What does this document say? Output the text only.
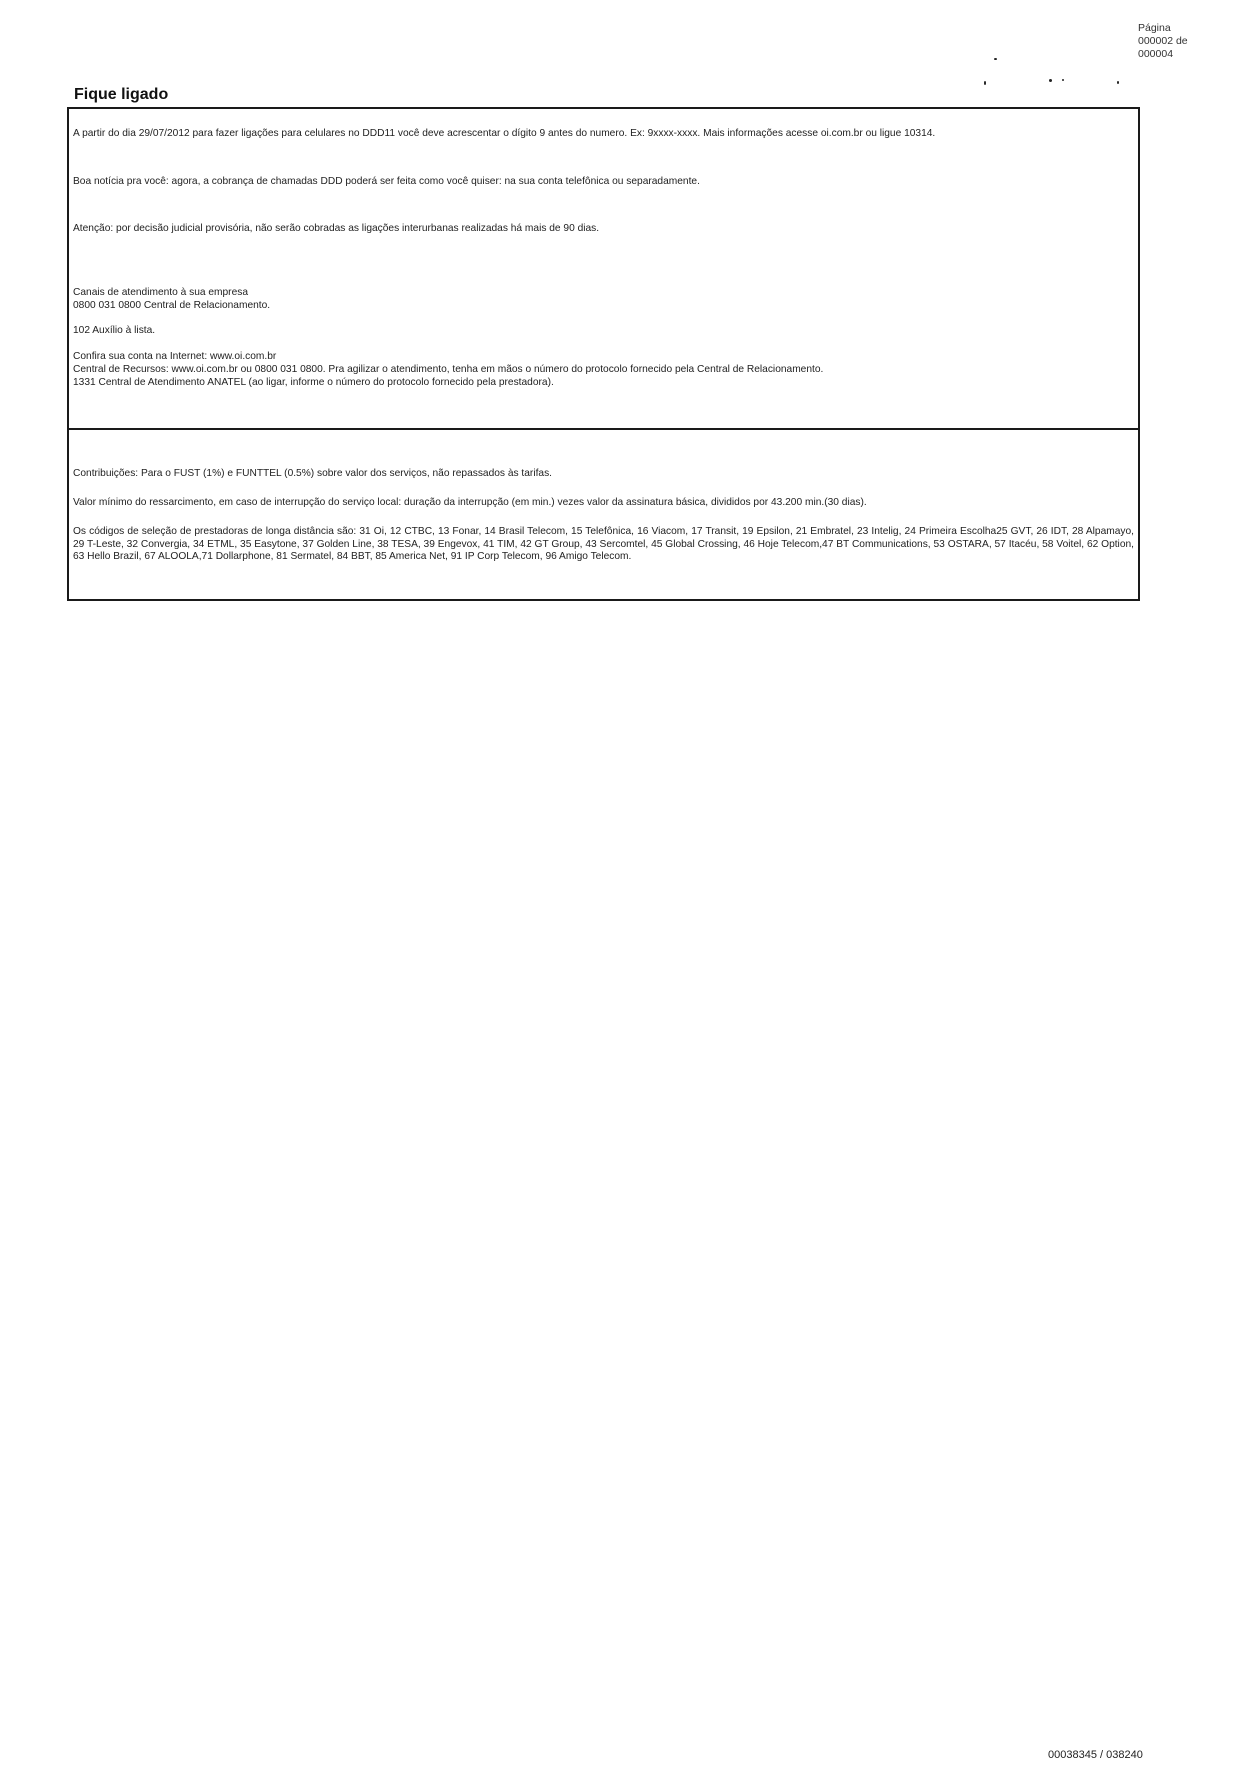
Página
000002 de
000004
Fique ligado

A partir do dia 29/07/2012 para fazer ligações para celulares no DDD11 você deve acrescentar o dígito 9 antes do numero. Ex: 9xxxx-xxxx. Mais informações acesse oi.com.br ou ligue 10314.

Boa notícia pra você: agora, a cobrança de chamadas DDD poderá ser feita como você quiser: na sua conta telefônica ou separadamente.

Atenção: por decisão judicial provisória, não serão cobradas as ligações interurbanas realizadas há mais de 90 dias.

Canais de atendimento à sua empresa

0800 031 0800 Central de Relacionamento.

102 Auxílio à lista.

Confira sua conta na Internet: www.oi.com.br

Central de Recursos: www.oi.com.br ou 0800 031 0800. Pra agilizar o atendimento, tenha em mãos o número do protocolo fornecido pela Central de Relacionamento.

1331 Central de Atendimento ANATEL (ao ligar, informe o número do protocolo fornecido pela prestadora).

Contribuições: Para o FUST (1%) e FUNTTEL (0.5%) sobre valor dos serviços, não repassados às tarifas.

Valor mínimo do ressarcimento, em caso de interrupção do serviço local: duração da interrupção (em min.) vezes valor da assinatura básica, divididos por 43.200 min.(30 dias).

Os códigos de seleção de prestadoras de longa distância são: 31 Oi, 12 CTBC, 13 Fonar, 14 Brasil Telecom, 15 Telefônica, 16 Viacom, 17 Transit, 19 Epsilon, 21 Embratel, 23 Intelig, 24 Primeira Escolha25 GVT, 26 IDT, 28 Alpamayo, 29 T-Leste, 32 Convergia, 34 ETML, 35 Easytone, 37 Golden Line, 38 TESA, 39 Engevox, 41 TIM, 42 GT Group, 43 Sercomtel, 45 Global Crossing, 46 Hoje Telecom,47 BT Communications, 53 OSTARA, 57 Itacéu, 58 Voitel, 62 Option, 63 Hello Brazil, 67 ALOOLA,71 Dollarphone, 81 Sermatel, 84 BBT, 85 America Net, 91 IP Corp Telecom, 96 Amigo Telecom.

00038345 / 038240
